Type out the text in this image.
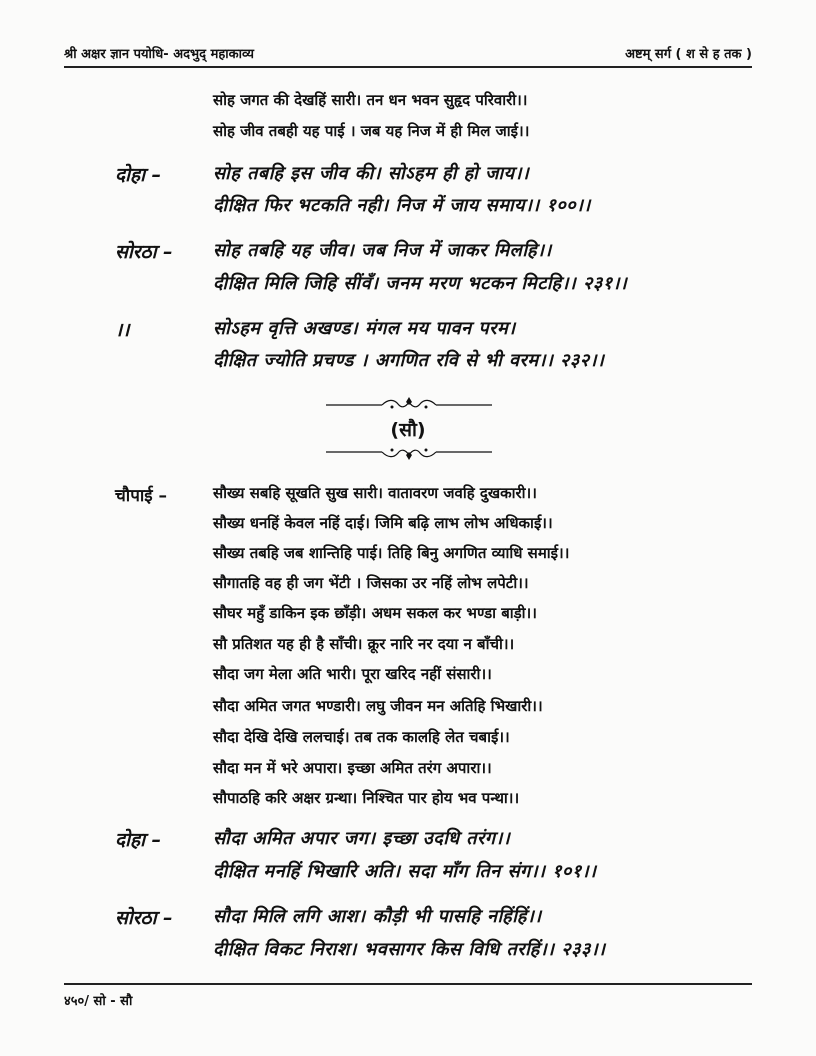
श्री अक्षर ज्ञान पयोधि- अदभुद् महाकाव्य	अष्टम् सर्ग ( श से ह तक )
सोह जगत की देखहिं सारी। तन धन भवन सुहृद परिवारी।।
सोह जीव तबही यह पाई । जब यह निज में ही मिल जाई।।
दोहा –	सोह तबहि इस जीव की। सोऽहम ही हो जाय।।
दीक्षित फिर भटकति नही। निज में जाय समाय।। १००।।
सोरठा – सोह तबहि यह जीव। जब निज में जाकर मिलहि।।
दीक्षित मिलि जिहि सींवँ। जनम मरण भटकन मिटहि।। २३१।।
।।	सोऽहम वृत्ति अखण्ड। मंगल मय पावन परम।
दीक्षित ज्योति प्रचण्ड । अगणित रवि से भी वरम।। २३२।।
(सौ)
चौपाई –	सौख्य सबहि सूखति सुख सारी। वातावरण जवहि दुखकारी।।
सौख्य धनहिं केवल नहिं दाई। जिमि बढ़ि लाभ लोभ अधिकाई।।
सौख्य तबहि जब शान्तिहि पाई। तिहि बिनु अगणित व्याधि समाई।।
सौगातहि वह ही जग भेंटी । जिसका उर नहिं लोभ लपेटी।।
सौघर महुँ डाकिन इक छाँड़ी। अधम सकल कर भण्डा बाड़ी।।
सौ प्रतिशत यह ही है साँची। क्रूर नारि नर दया न बाँची।।
सौदा जग मेला अति भारी। पूरा खरिद नहीं संसारी।।
सौदा अमित जगत भण्डारी। लघु जीवन मन अतिहि भिखारी।।
सौदा देखि देखि ललचाई। तब तक कालहि लेत चबाई।।
सौदा मन में भरे अपारा। इच्छा अमित तरंग अपारा।।
सौपाठहि करि अक्षर ग्रन्था। निश्चित पार होय भव पन्था।।
दोहा –	सौदा अमित अपार जग। इच्छा उदधि तरंग।।
दीक्षित मनहिं भिखारि अति। सदा माँग तिन संग।। १०१।।
सोरठा – सौदा मिलि लगि आश। कौड़ी भी पासहि नहिंहिं।।
दीक्षित विकट निराश। भवसागर किस विधि तरहिं।। २३३।।
४५०/ सो - सौ
